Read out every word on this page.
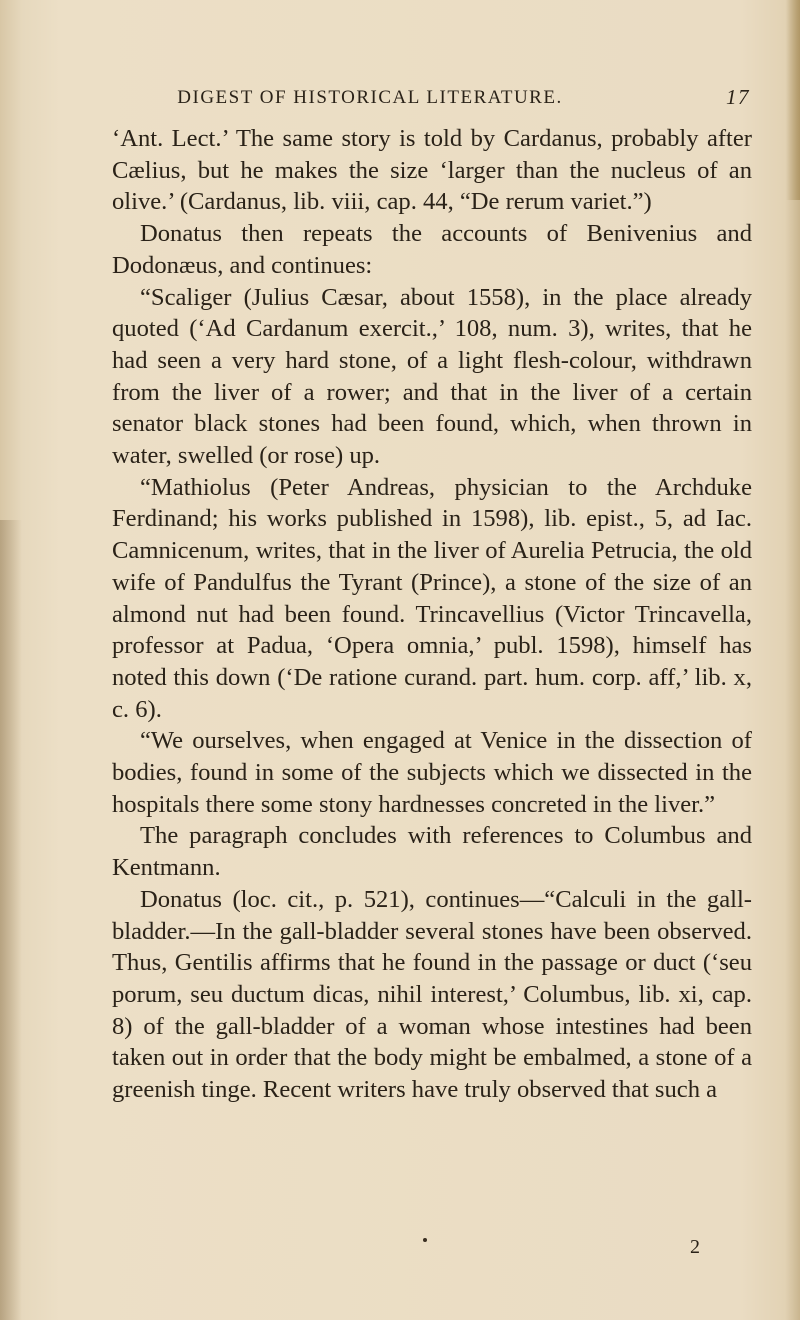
DIGEST OF HISTORICAL LITERATURE.	17

‘Ant. Lect.’ The same story is told by Cardanus, probably after Cælius, but he makes the size ‘larger than the nucleus of an olive.’ (Cardanus, lib. viii, cap. 44, “De rerum variet.”)

Donatus then repeats the accounts of Benivenius and Dodonæus, and continues:

“Scaliger (Julius Cæsar, about 1558), in the place already quoted (‘Ad Cardanum exercit.,’ 108, num. 3), writes, that he had seen a very hard stone, of a light flesh-colour, withdrawn from the liver of a rower; and that in the liver of a certain senator black stones had been found, which, when thrown in water, swelled (or rose) up.

“Mathiolus (Peter Andreas, physician to the Archduke Ferdinand; his works published in 1598), lib. epist., 5, ad Iac. Camnicenum, writes, that in the liver of Aurelia Petrucia, the old wife of Pandulfus the Tyrant (Prince), a stone of the size of an almond nut had been found. Trincavellius (Victor Trincavella, professor at Padua, ‘Opera omnia,’ publ. 1598), himself has noted this down (‘De ratione curand. part. hum. corp. aff,’ lib. x, c. 6).

“We ourselves, when engaged at Venice in the dissection of bodies, found in some of the subjects which we dissected in the hospitals there some stony hardnesses concreted in the liver.”

The paragraph concludes with references to Columbus and Kentmann.

Donatus (loc. cit., p. 521), continues—“Calculi in the gall-bladder.—In the gall-bladder several stones have been observed. Thus, Gentilis affirms that he found in the passage or duct (‘seu porum, seu ductum dicas, nihil interest,’ Columbus, lib. xi, cap. 8) of the gall-bladder of a woman whose intestines had been taken out in order that the body might be embalmed, a stone of a greenish tinge. Recent writers have truly observed that such a

2
